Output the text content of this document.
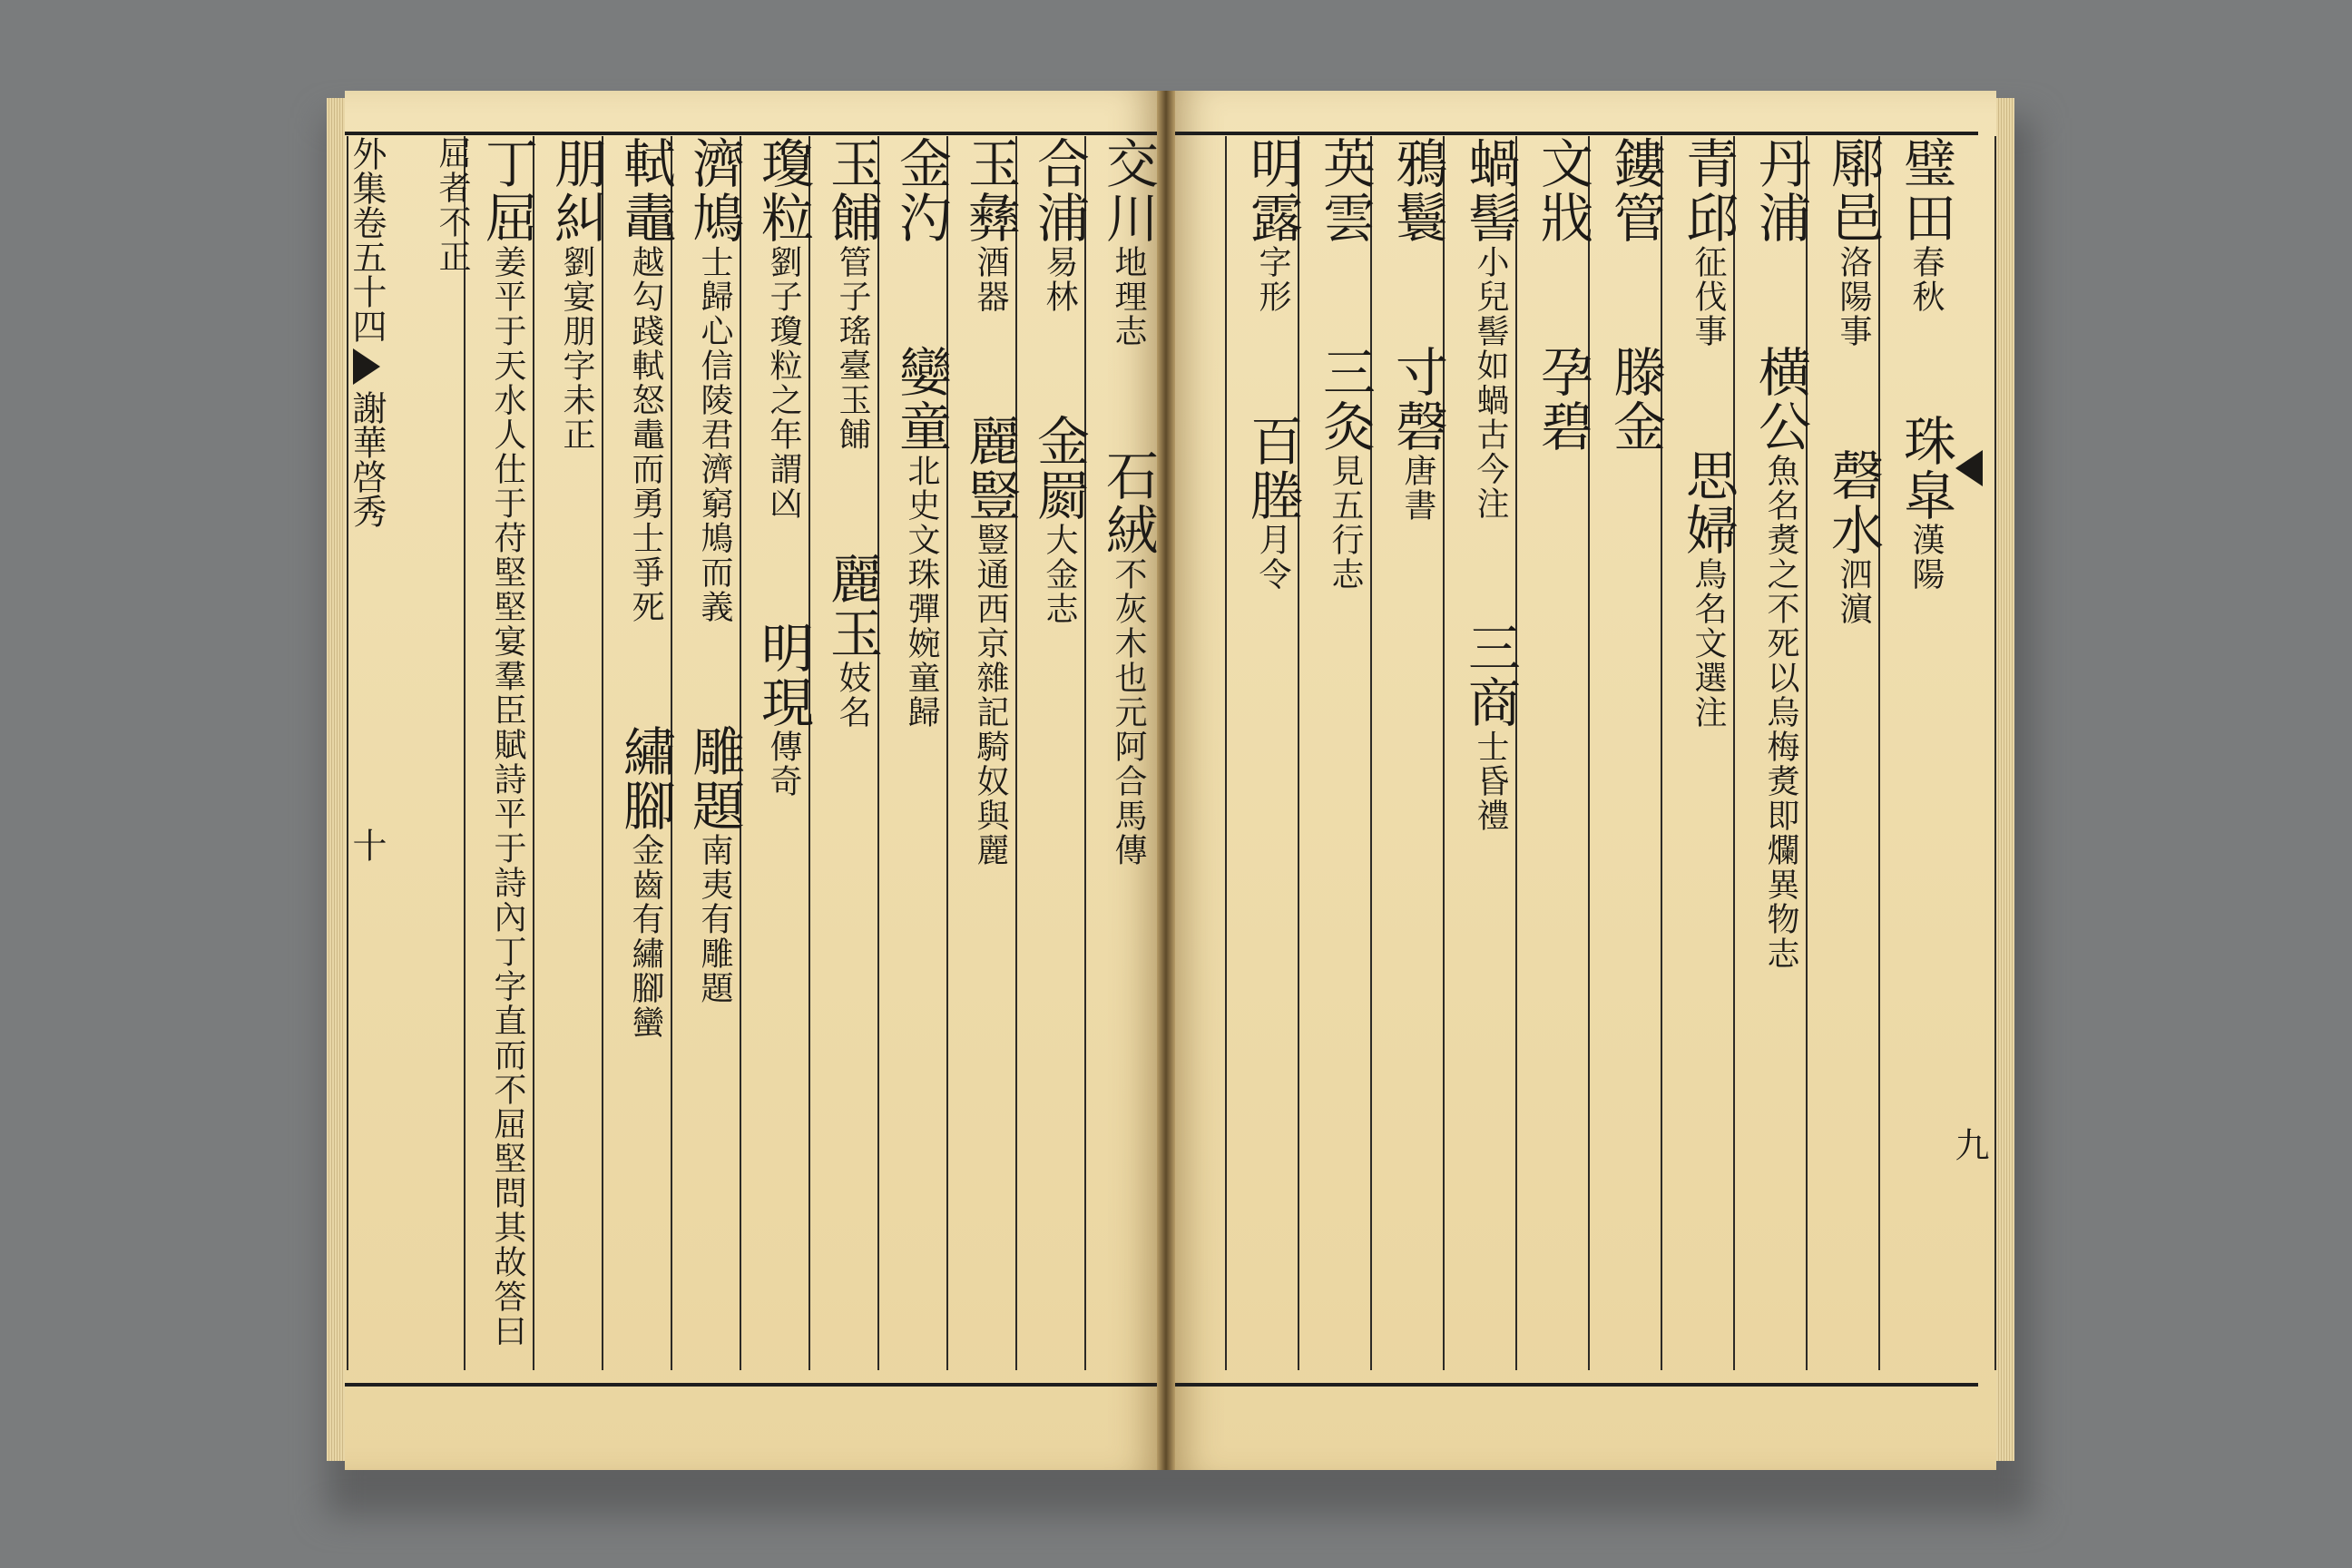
外集卷五十四謝華啓秀十
九
璧田春秋珠皐漢陽
鄏邑洛陽事磬水泗濵
丹浦横公魚名煑之不死以烏梅煑即爛異物志
青邱征伐事思婦鳥名文選注
鏤管滕金
文戕孕碧
蝸髻小兒髻如蝸古今注三商士昏禮
鴉鬟寸磬唐書
英雲三灸見五行志
明露字形百塍月令
交川地理志石絨不灰木也元阿合馬傳
合浦易林金罽大金志
玉彝酒器麗豎豎通西京雜記騎奴與麗
金汋孌童北史文珠彈婉童歸
玉餔管子瑤臺玉餔麗玉妓名
瓊粒劉子瓊粒之年謂凶明現傳奇
濟鳩士歸心信陵君濟窮鳩而義雕題南夷有雕題
軾鼃越勾踐軾怒鼃而勇士爭死繡腳金齒有繡腳蠻
朋糾劉宴朋字未正
丁屈姜平于天水人仕于苻堅堅宴羣臣賦詩平于詩內丁字直而不屈堅問其故答曰屈者不正
